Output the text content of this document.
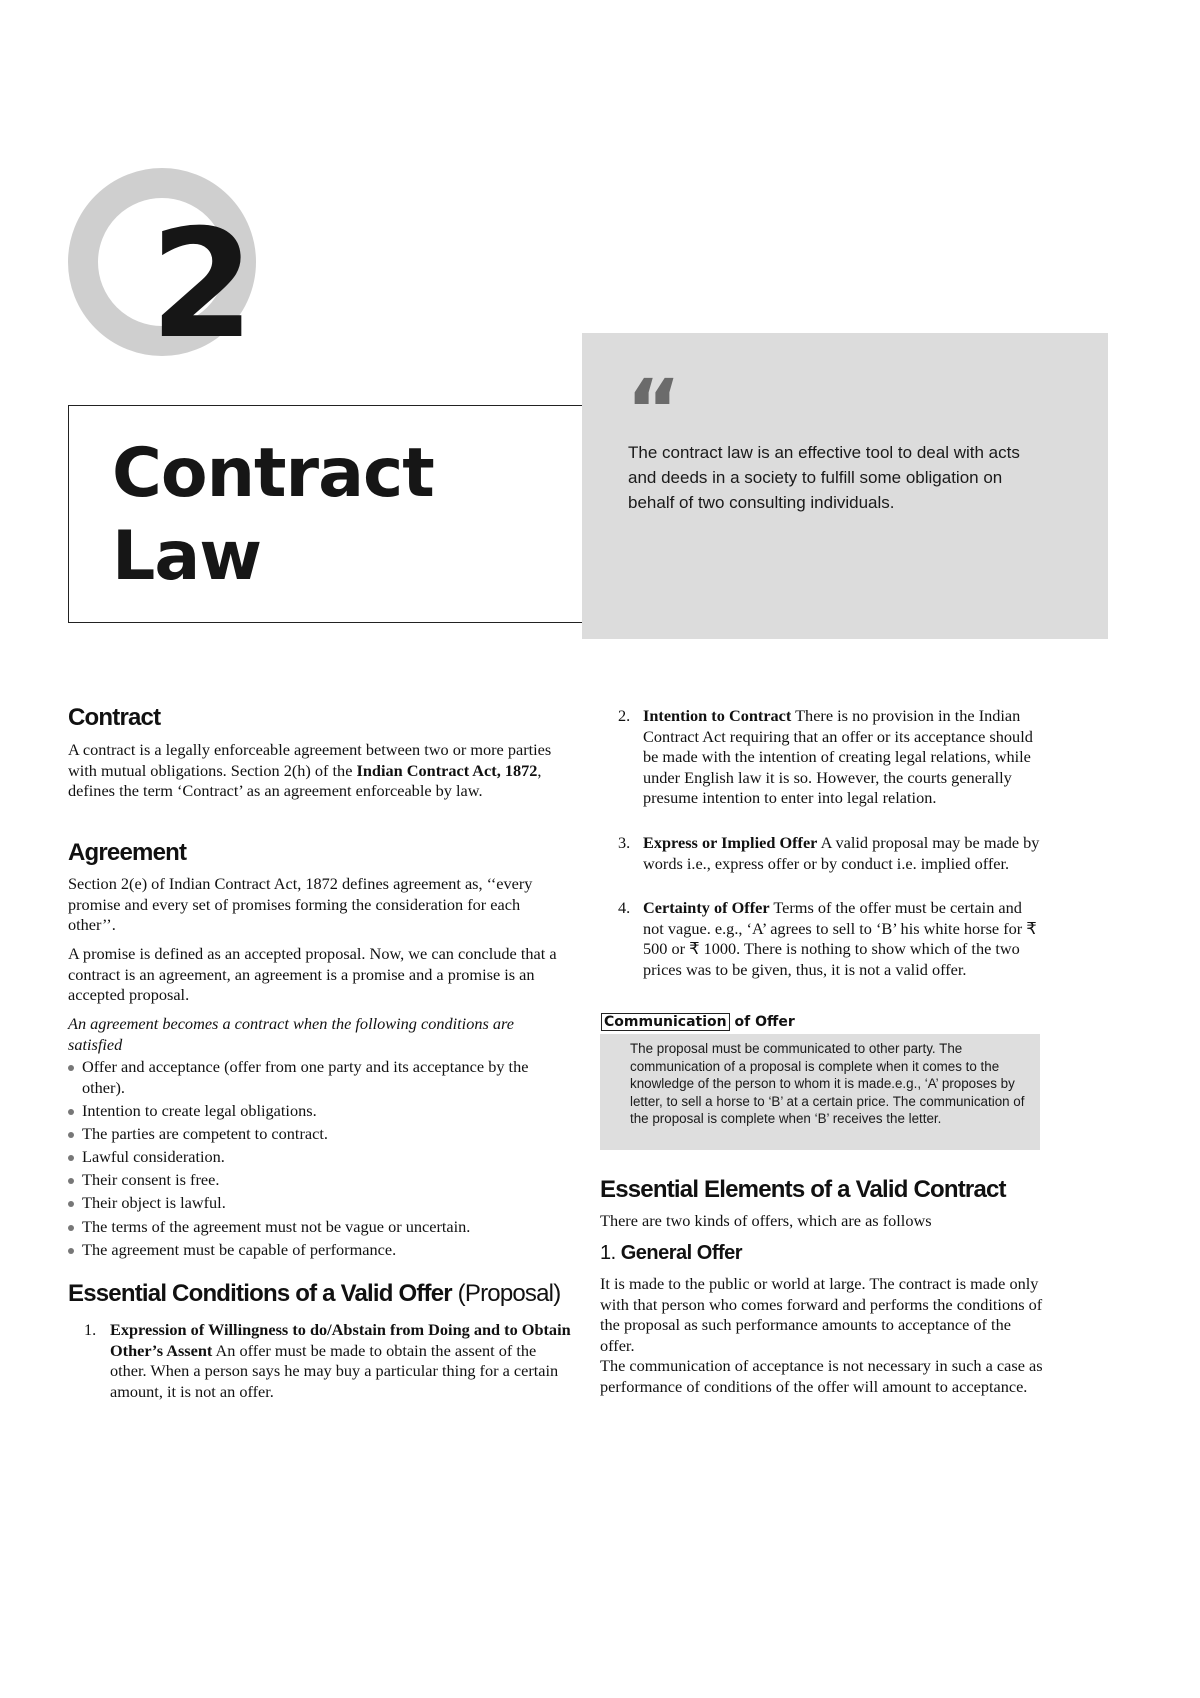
2
Contract
Law
“
The contract law is an effective tool to deal with acts and deeds in a society to fulfill some obligation on behalf of two consulting individuals.
Contract
A contract is a legally enforceable agreement between two or more parties with mutual obligations. Section 2(h) of the Indian Contract Act, 1872, defines the term ‘Contract’ as an agreement enforceable by law.
Agreement
Section 2(e) of Indian Contract Act, 1872 defines agreement as, ‘‘every promise and every set of promises forming the consideration for each other’’.
A promise is defined as an accepted proposal. Now, we can conclude that a contract is an agreement, an agreement is a promise and a promise is an accepted proposal.
An agreement becomes a contract when the following conditions are satisfied
Offer and acceptance (offer from one party and its acceptance by the other).
Intention to create legal obligations.
The parties are competent to contract.
Lawful consideration.
Their consent is free.
Their object is lawful.
The terms of the agreement must not be vague or uncertain.
The agreement must be capable of performance.
Essential Conditions of a Valid Offer (Proposal)
1. Expression of Willingness to do/Abstain from Doing and to Obtain Other’s Assent An offer must be made to obtain the assent of the other. When a person says he may buy a particular thing for a certain amount, it is not an offer.
2. Intention to Contract There is no provision in the Indian Contract Act requiring that an offer or its acceptance should be made with the intention of creating legal relations, while under English law it is so. However, the courts generally presume intention to enter into legal relation.
3. Express or Implied Offer A valid proposal may be made by words i.e., express offer or by conduct i.e. implied offer.
4. Certainty of Offer Terms of the offer must be certain and not vague. e.g., ‘A’ agrees to sell to ‘B’ his white horse for ₹ 500 or ₹ 1000. There is nothing to show which of the two prices was to be given, thus, it is not a valid offer.
Communication of Offer
The proposal must be communicated to other party. The communication of a proposal is complete when it comes to the knowledge of the person to whom it is made.e.g., ‘A’ proposes by letter, to sell a horse to ‘B’ at a certain price. The communication of the proposal is complete when ‘B’ receives the letter.
Essential Elements of a Valid Contract
There are two kinds of offers, which are as follows
1. General Offer
It is made to the public or world at large. The contract is made only with that person who comes forward and performs the conditions of the proposal as such performance amounts to acceptance of the offer.
The communication of acceptance is not necessary in such a case as performance of conditions of the offer will amount to acceptance.
